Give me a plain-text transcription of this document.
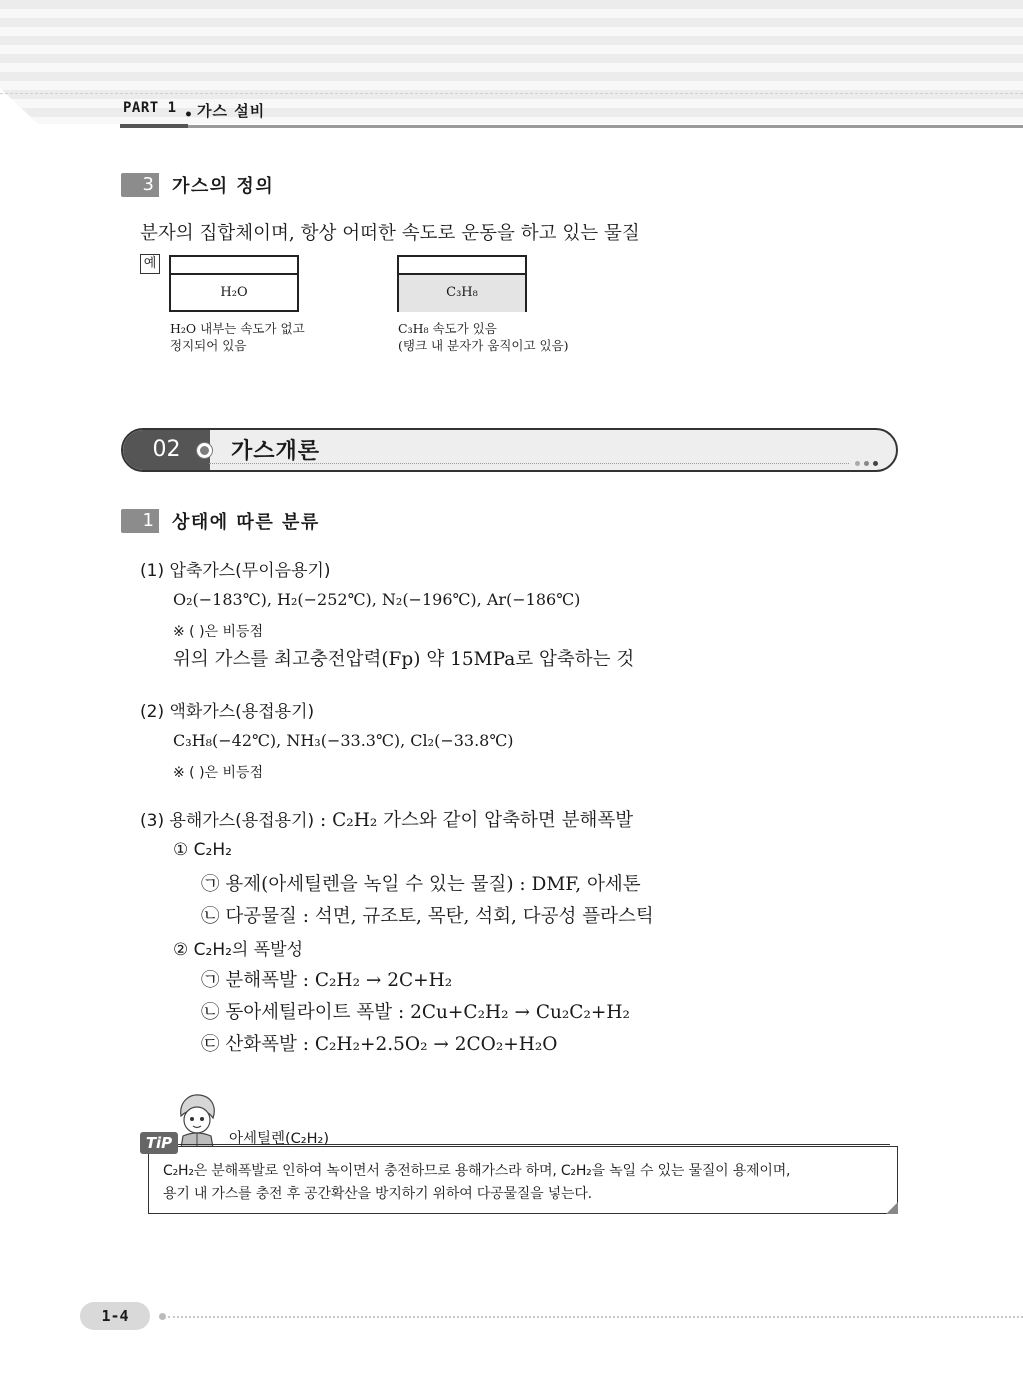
PART 1 • 가스 설비
3 가스의 정의
분자의 집합체이며, 항상 어떠한 속도로 운동을 하고 있는 물질
예
H₂O
H₂O 내부는 속도가 없고
정지되어 있음
C₃H₈
C₃H₈ 속도가 있음
(탱크 내 분자가 움직이고 있음)
02	가스개론
1 상태에 따른 분류
(1) 압축가스(무이음용기)
O₂(−183℃), H₂(−252℃), N₂(−196℃), Ar(−186℃)
※ ( )은 비등점
위의 가스를 최고충전압력(Fp) 약 15MPa로 압축하는 것
(2) 액화가스(용접용기)
C₃H₈(−42℃), NH₃(−33.3℃), Cl₂(−33.8℃)
※ ( )은 비등점
(3) 용해가스(용접용기) : C₂H₂ 가스와 같이 압축하면 분해폭발
① C₂H₂
㉠ 용제(아세틸렌을 녹일 수 있는 물질) : DMF, 아세톤
㉡ 다공물질 : 석면, 규조토, 목탄, 석회, 다공성 플라스틱
② C₂H₂의 폭발성
㉠ 분해폭발 : C₂H₂ → 2C+H₂
㉡ 동아세틸라이트 폭발 : 2Cu+C₂H₂ → Cu₂C₂+H₂
㉢ 산화폭발 : C₂H₂+2.5O₂ → 2CO₂+H₂O
TiP	아세틸렌(C₂H₂)
C₂H₂은 분해폭발로 인하여 녹이면서 충전하므로 용해가스라 하며, C₂H₂을 녹일 수 있는 물질이 용제이며,
용기 내 가스를 충전 후 공간확산을 방지하기 위하여 다공물질을 넣는다.
1-4
